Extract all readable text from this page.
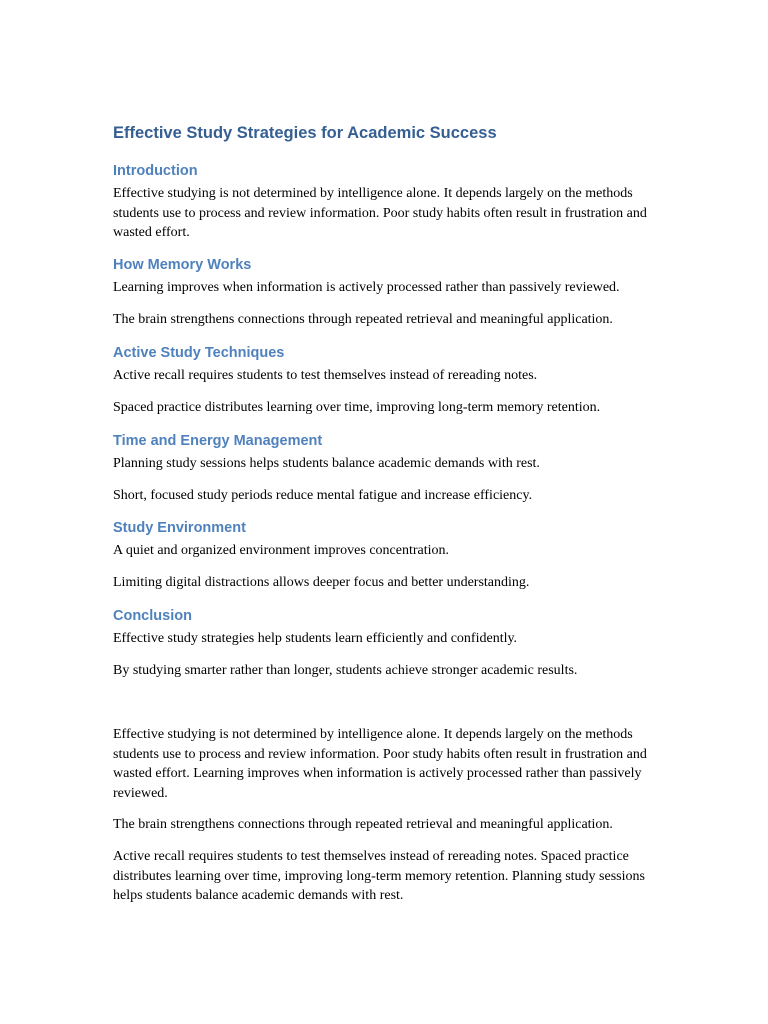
Effective Study Strategies for Academic Success
Introduction

Effective studying is not determined by intelligence alone. It depends largely on the methods students use to process and review information. Poor study habits often result in frustration and wasted effort.

How Memory Works

Learning improves when information is actively processed rather than passively reviewed.

The brain strengthens connections through repeated retrieval and meaningful application.

Active Study Techniques

Active recall requires students to test themselves instead of rereading notes.

Spaced practice distributes learning over time, improving long-term memory retention.

Time and Energy Management

Planning study sessions helps students balance academic demands with rest.

Short, focused study periods reduce mental fatigue and increase efficiency.

Study Environment

A quiet and organized environment improves concentration.

Limiting digital distractions allows deeper focus and better understanding.

Conclusion

Effective study strategies help students learn efficiently and confidently.

By studying smarter rather than longer, students achieve stronger academic results.

Effective studying is not determined by intelligence alone. It depends largely on the methods students use to process and review information. Poor study habits often result in frustration and wasted effort. Learning improves when information is actively processed rather than passively reviewed.

The brain strengthens connections through repeated retrieval and meaningful application.

Active recall requires students to test themselves instead of rereading notes. Spaced practice distributes learning over time, improving long-term memory retention. Planning study sessions helps students balance academic demands with rest.
